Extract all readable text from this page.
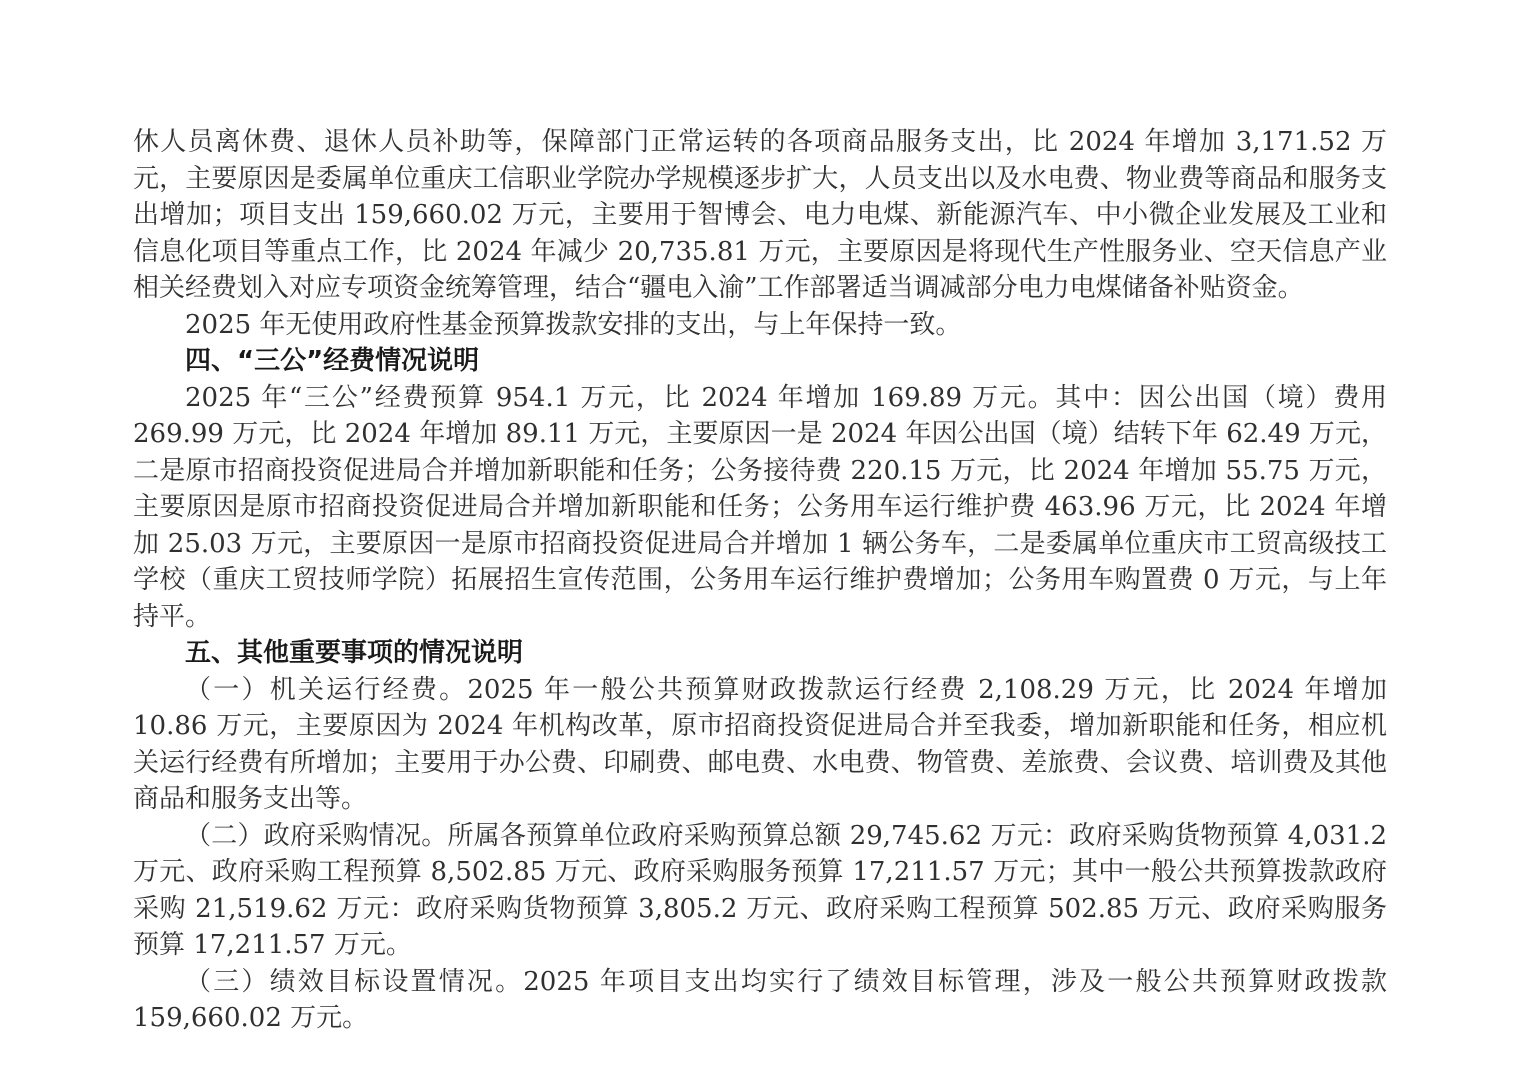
休人员离休费、退休人员补助等，保障部门正常运转的各项商品服务支出，比 2024 年增加 3,171.52 万元，主要原因是委属单位重庆工信职业学院办学规模逐步扩大，人员支出以及水电费、物业费等商品和服务支出增加；项目支出 159,660.02 万元，主要用于智博会、电力电煤、新能源汽车、中小微企业发展及工业和信息化项目等重点工作，比 2024 年减少 20,735.81 万元，主要原因是将现代生产性服务业、空天信息产业相关经费划入对应专项资金统筹管理，结合“疆电入渝”工作部署适当调减部分电力电煤储备补贴资金。

2025 年无使用政府性基金预算拨款安排的支出，与上年保持一致。

四、“三公”经费情况说明

2025 年“三公”经费预算 954.1 万元，比 2024 年增加 169.89 万元。其中：因公出国（境）费用 269.99 万元，比 2024 年增加 89.11 万元，主要原因一是 2024 年因公出国（境）结转下年 62.49 万元，二是原市招商投资促进局合并增加新职能和任务；公务接待费 220.15 万元，比 2024 年增加 55.75 万元，主要原因是原市招商投资促进局合并增加新职能和任务；公务用车运行维护费 463.96 万元，比 2024 年增加 25.03 万元，主要原因一是原市招商投资促进局合并增加 1 辆公务车，二是委属单位重庆市工贸高级技工学校（重庆工贸技师学院）拓展招生宣传范围，公务用车运行维护费增加；公务用车购置费 0 万元，与上年持平。

五、其他重要事项的情况说明

（一）机关运行经费。2025 年一般公共预算财政拨款运行经费 2,108.29 万元，比 2024 年增加 10.86 万元，主要原因为 2024 年机构改革，原市招商投资促进局合并至我委，增加新职能和任务，相应机关运行经费有所增加；主要用于办公费、印刷费、邮电费、水电费、物管费、差旅费、会议费、培训费及其他商品和服务支出等。

（二）政府采购情况。所属各预算单位政府采购预算总额 29,745.62 万元：政府采购货物预算 4,031.2 万元、政府采购工程预算 8,502.85 万元、政府采购服务预算 17,211.57 万元；其中一般公共预算拨款政府采购 21,519.62 万元：政府采购货物预算 3,805.2 万元、政府采购工程预算 502.85 万元、政府采购服务预算 17,211.57 万元。

（三）绩效目标设置情况。2025 年项目支出均实行了绩效目标管理，涉及一般公共预算财政拨款 159,660.02 万元。
